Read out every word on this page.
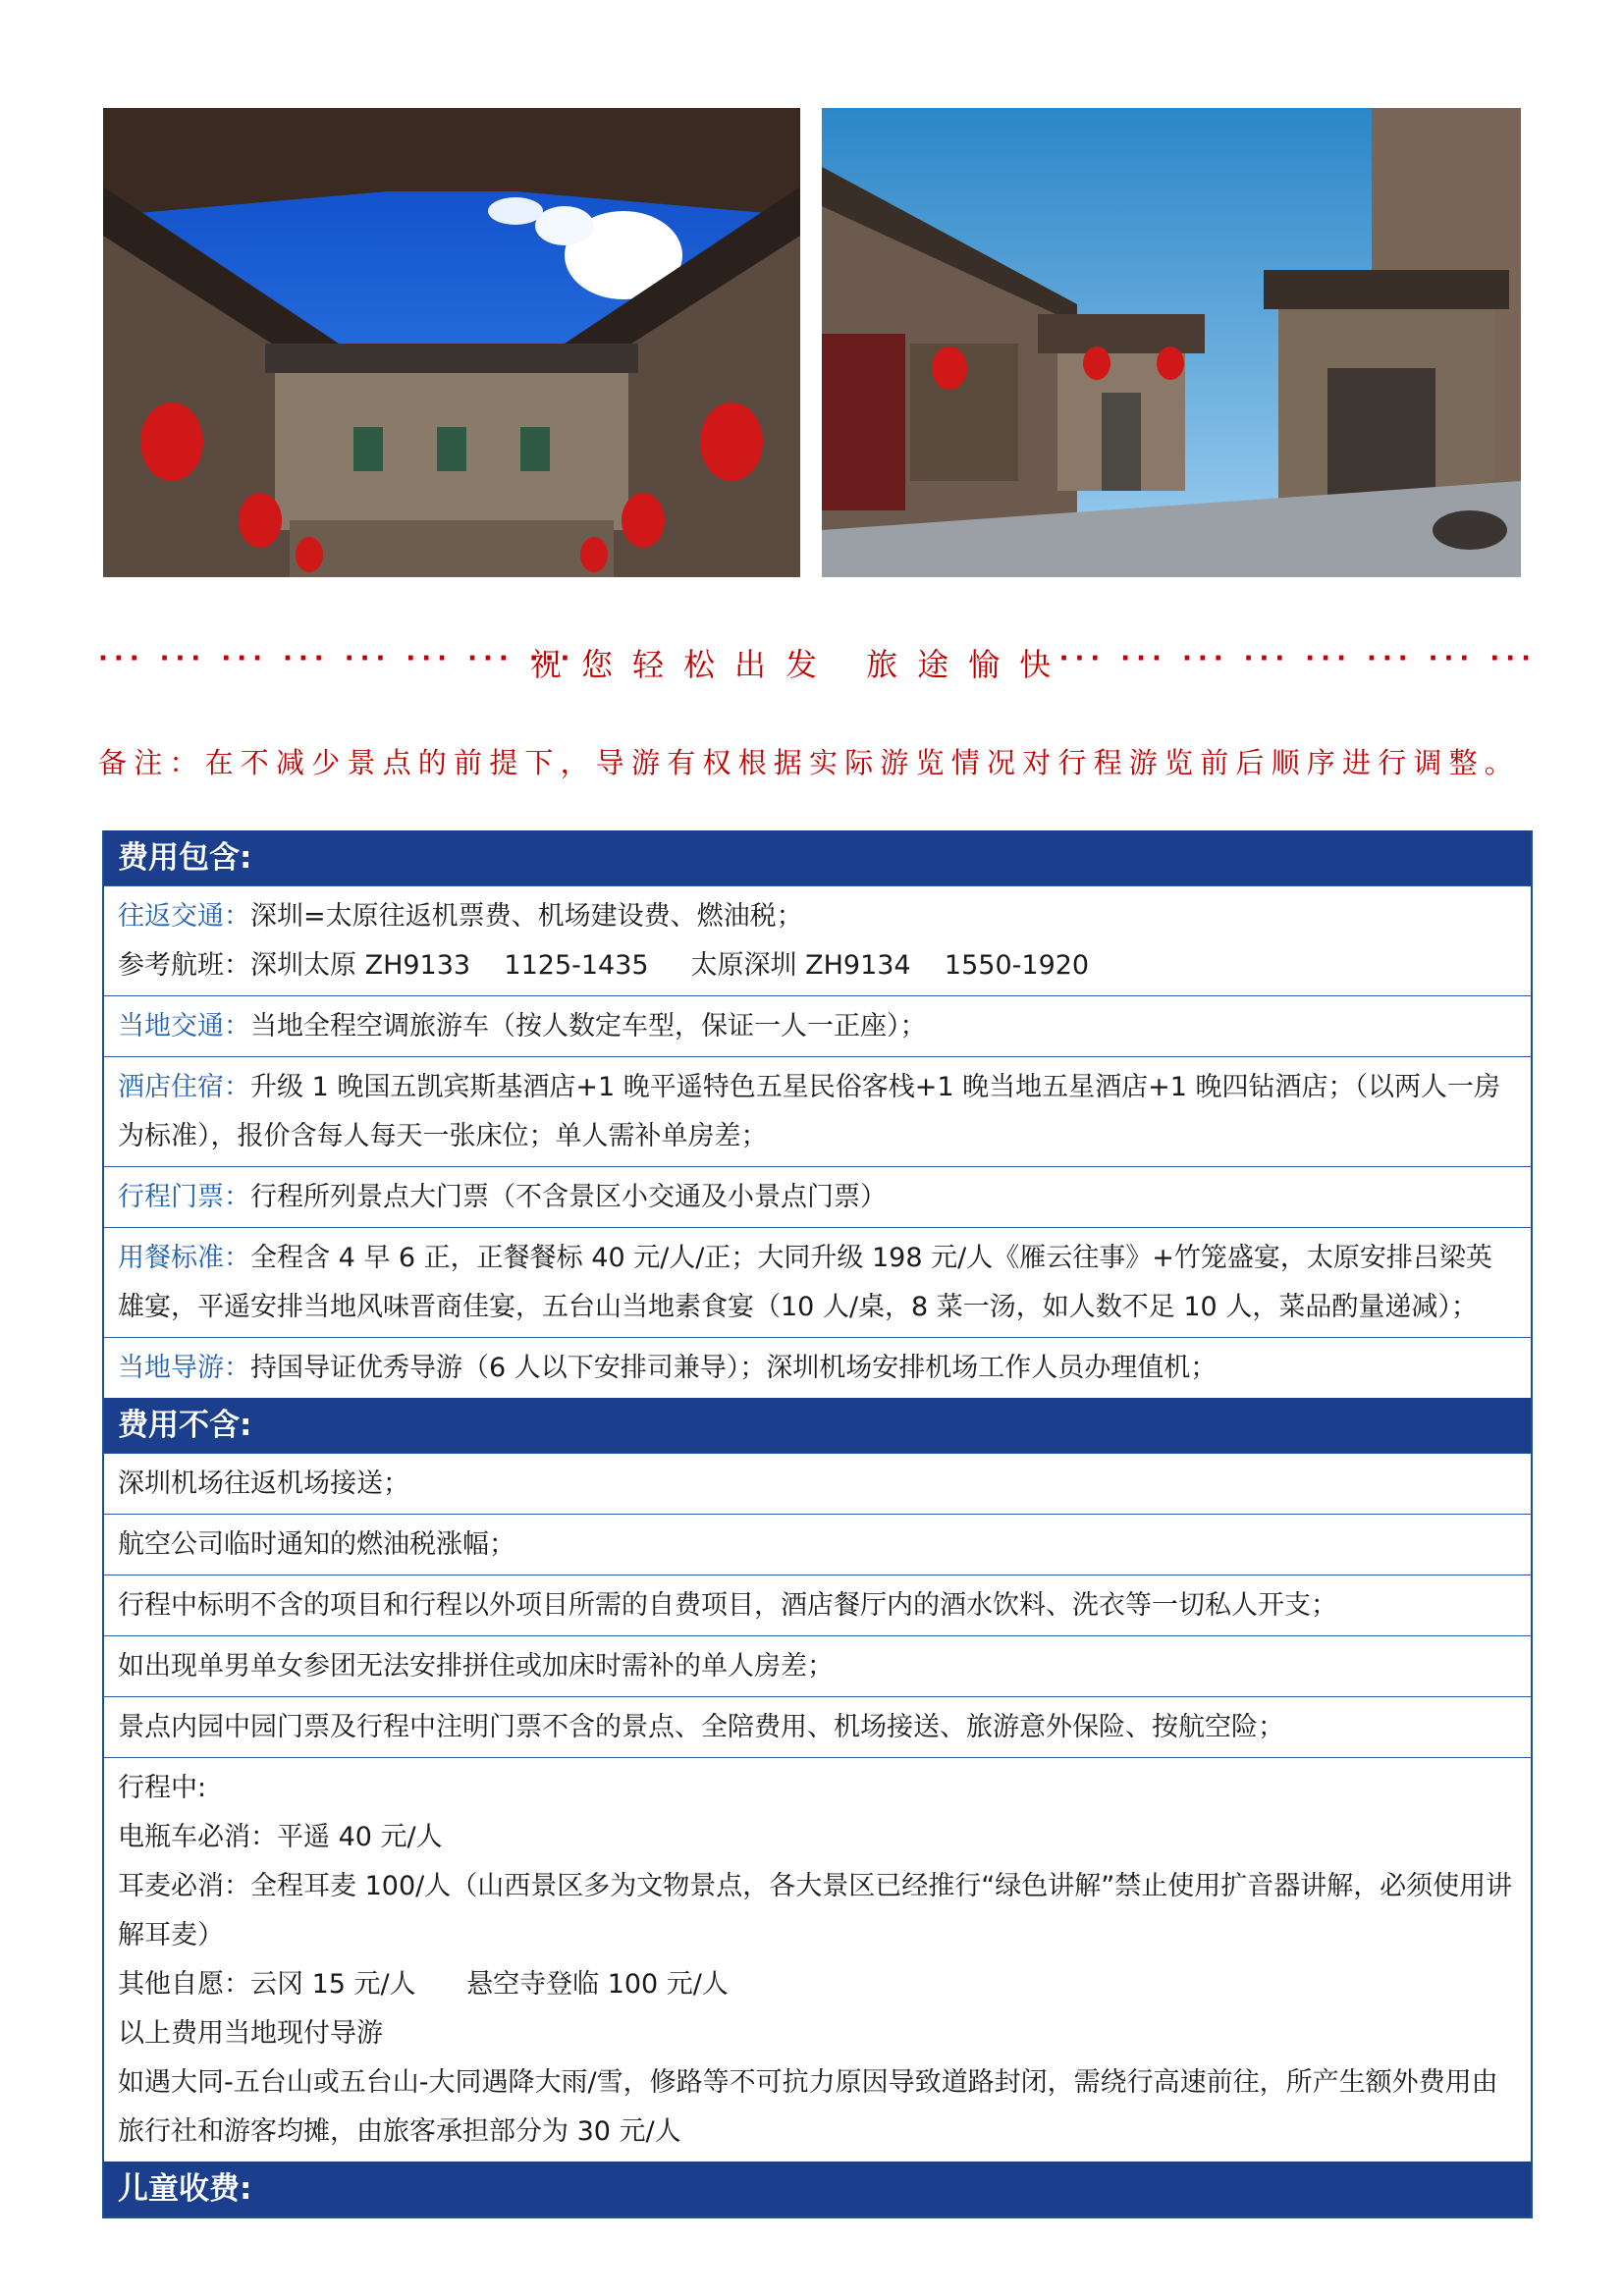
··· ··· ··· ··· ··· ··· ··· ···
祝您轻松出发 旅途愉快
··· ··· ··· ··· ··· ··· ··· ···
备注：在不减少景点的前提下，导游有权根据实际游览情况对行程游览前后顺序进行调整。
费用包含:

往返交通：深圳=太原往返机票费、机场建设费、燃油税；

参考航班：深圳太原 ZH9133    1125-1435     太原深圳 ZH9134    1550-1920

当地交通：当地全程空调旅游车（按人数定车型，保证一人一正座）；
酒店住宿：升级 1 晚国五凯宾斯基酒店+1 晚平遥特色五星民俗客栈+1 晚当地五星酒店+1 晚四钻酒店；（以两人一房为标准），报价含每人每天一张床位；单人需补单房差；
行程门票：行程所列景点大门票（不含景区小交通及小景点门票）
用餐标准：全程含 4 早 6 正，正餐餐标 40 元/人/正；大同升级 198 元/人《雁云往事》+竹笼盛宴，太原安排吕梁英雄宴，平遥安排当地风味晋商佳宴，五台山当地素食宴（10 人/桌，8 菜一汤，如人数不足 10 人，菜品酌量递减）；
当地导游：持国导证优秀导游（6 人以下安排司兼导）；深圳机场安排机场工作人员办理值机；
费用不含:
深圳机场往返机场接送；
航空公司临时通知的燃油税涨幅；
行程中标明不含的项目和行程以外项目所需的自费项目，酒店餐厅内的酒水饮料、洗衣等一切私人开支；
如出现单男单女参团无法安排拼住或加床时需补的单人房差；
景点内园中园门票及行程中注明门票不含的景点、全陪费用、机场接送、旅游意外保险、按航空险；

行程中:

电瓶车必消：平遥 40 元/人

耳麦必消：全程耳麦 100/人（山西景区多为文物景点，各大景区已经推行“绿色讲解”禁止使用扩音器讲解，必须使用讲解耳麦）

其他自愿：云冈 15 元/人      悬空寺登临 100 元/人

以上费用当地现付导游

如遇大同-五台山或五台山-大同遇降大雨/雪，修路等不可抗力原因导致道路封闭，需绕行高速前往，所产生额外费用由旅行社和游客均摊，由旅客承担部分为 30 元/人

儿童收费:
